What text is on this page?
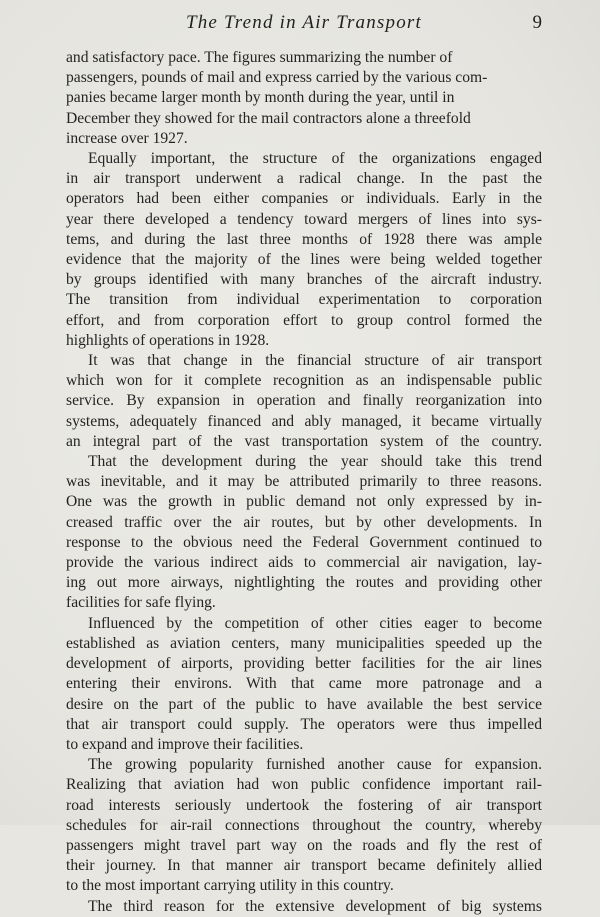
The Trend in Air Transport	9

and satisfactory pace. The figures summarizing the number of
passengers, pounds of mail and express carried by the various com-
panies became larger month by month during the year, until in
December they showed for the mail contractors alone a threefold
increase over 1927.

Equally important, the structure of the organizations engaged
in air transport underwent a radical change. In the past the
operators had been either companies or individuals. Early in the
year there developed a tendency toward mergers of lines into sys-
tems, and during the last three months of 1928 there was ample
evidence that the majority of the lines were being welded together
by groups identified with many branches of the aircraft industry.
The transition from individual experimentation to corporation
effort, and from corporation effort to group control formed the
highlights of operations in 1928.

It was that change in the financial structure of air transport
which won for it complete recognition as an indispensable public
service. By expansion in operation and finally reorganization into
systems, adequately financed and ably managed, it became virtually
an integral part of the vast transportation system of the country.

That the development during the year should take this trend
was inevitable, and it may be attributed primarily to three reasons.
One was the growth in public demand not only expressed by in-
creased traffic over the air routes, but by other developments. In
response to the obvious need the Federal Government continued to
provide the various indirect aids to commercial air navigation, lay-
ing out more airways, nightlighting the routes and providing other
facilities for safe flying.

Influenced by the competition of other cities eager to become
established as aviation centers, many municipalities speeded up the
development of airports, providing better facilities for the air lines
entering their environs. With that came more patronage and a
desire on the part of the public to have available the best service
that air transport could supply. The operators were thus impelled
to expand and improve their facilities.

The growing popularity furnished another cause for expansion.
Realizing that aviation had won public confidence important rail-
road interests seriously undertook the fostering of air transport
schedules for air-rail connections throughout the country, whereby
passengers might travel part way on the roads and fly the rest of
their journey. In that manner air transport became definitely allied
to the most important carrying utility in this country.

The third reason for the extensive development of big systems
